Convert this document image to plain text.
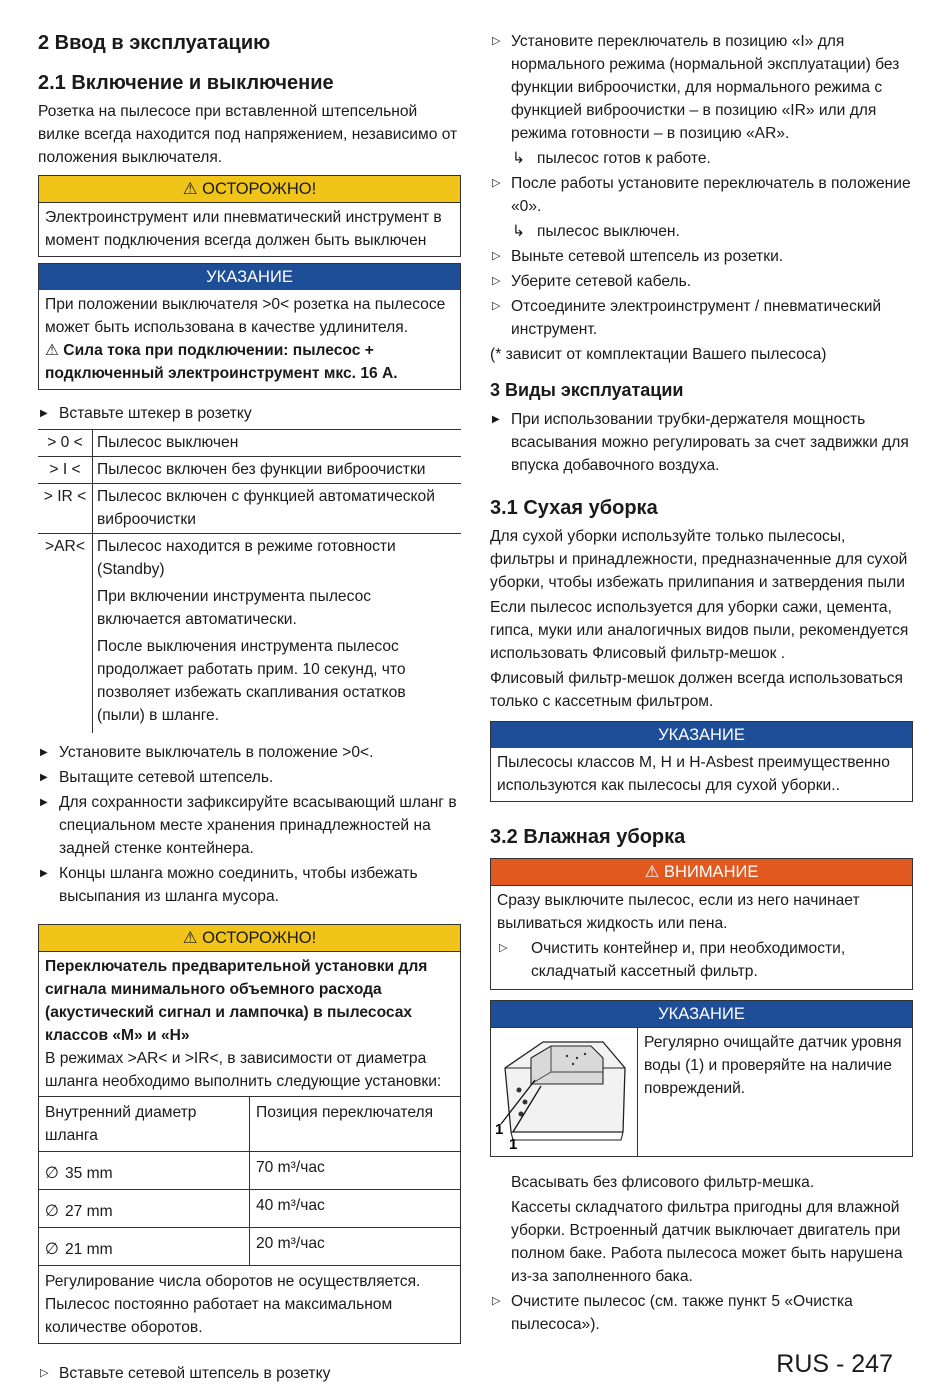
2 Ввод в эксплуатацию
2.1 Включение и выключение

Розетка на пылесосе при вставленной штепсельной вилке всегда находится под напряжением, независимо от положения выключателя.

⚠ ОСТОРОЖНО!
Электроинструмент или пневматический инструмент в момент подключения всегда должен быть выключен
УКАЗАНИЕ
При положении выключателя >0< розетка на пылесосе может быть использована в качестве удлинителя.
⚠ Сила тока при подключении: пылесос + подключенный электроинструмент мкс. 16 А.
▶ Вставьте штекер в розетку
> 0 <	Пылесос выключен
> I <	Пылесос включен без функции виброочистки
> IR <	Пылесос включен с функцией автоматической виброочистки
>AR<	Пылесос находится в режиме готовности (Standby)

При включении инструмента пылесос включается автоматически.

После выключения инструмента пылесос продолжает работать прим. 10 секунд, что позволяет избежать скапливания остатков (пыли) в шланге.

▶ Установите выключатель в положение >0<.
▶ Вытащите сетевой штепсель.
▶ Для сохранности зафиксируйте всасывающий шланг в специальном месте хранения принадлежностей на задней стенке контейнера.
▶ Концы шланга можно соединить, чтобы избежать высыпания из шланга мусора.
⚠ ОСТОРОЖНО!
Переключатель предварительной установки для сигнала минимального объемного расхода (акустический сигнал и лампочка) в пылесосах классов «M» и «H»
В режимах >AR< и >IR<, в зависимости от диаметра шланга необходимо выполнить следующие установки:
Внутренний диаметр шланга	Позиция переключателя
∅ 35 mm	70 m³/час
∅ 27 mm	40 m³/час
∅ 21 mm	20 m³/час

Регулирование числа оборотов не осуществляется.
Пылесос постоянно работает на максимальном количестве оборотов.	
▷ Вставьте сетевой штепсель в розетку
▷ Установите переключатель в позицию «I» для нормального режима (нормальной эксплуатации) без функции виброочистки, для нормального режима с функцией виброочистки – в позицию «IR» или для режима готовности – в позицию «AR».
↳ пылесос готов к работе.
▷ После работы установите переключатель в положение «0».
↳ пылесос выключен.
▷ Выньте сетевой штепсель из розетки.
▷ Уберите сетевой кабель.
▷ Отсоедините электроинструмент / пневматический инструмент.

(* зависит от комплектации Вашего пылесоса)

3 Виды эксплуатации
▶ При использовании трубки-держателя мощность всасывания можно регулировать за счет задвижки для впуска добавочного воздуха.
3.1 Сухая уборка

Для сухой уборки используйте только пылесосы, фильтры и принадлежности, предназначенные для сухой уборки, чтобы избежать прилипания и затвердения пыли

Если пылесос используется для уборки сажи, цемента, гипса, муки или аналогичных видов пыли, рекомендуется использовать Флисовый фильтр-мешок .

Флисовый фильтр-мешок должен всегда использоваться только с кассетным фильтром.

УКАЗАНИЕ
Пылесосы классов M, H и H-Asbest преимущественно используются как пылесосы для сухой уборки..
3.2 Влажная уборка
⚠ ВНИМАНИЕ
Сразу выключите пылесос, если из него начинает выливаться жидкость или пена.
▷ Очистить контейнер и, при необходимости, складчатый кассетный фильтр.
УКАЗАНИЕ
1
1
Регулярно очищайте датчик уровня воды (1) и проверяйте на наличие повреждений.

Всасывать без флисового фильтр-мешка.

Кассеты складчатого фильтра пригодны для влажной уборки. Встроенный датчик выключает двигатель при полном баке. Работа пылесоса может быть нарушена из-за заполненного бака.

▷ Очистите пылесос (см. также пункт 5 «Очистка пылесоса»).
RUS - 247
